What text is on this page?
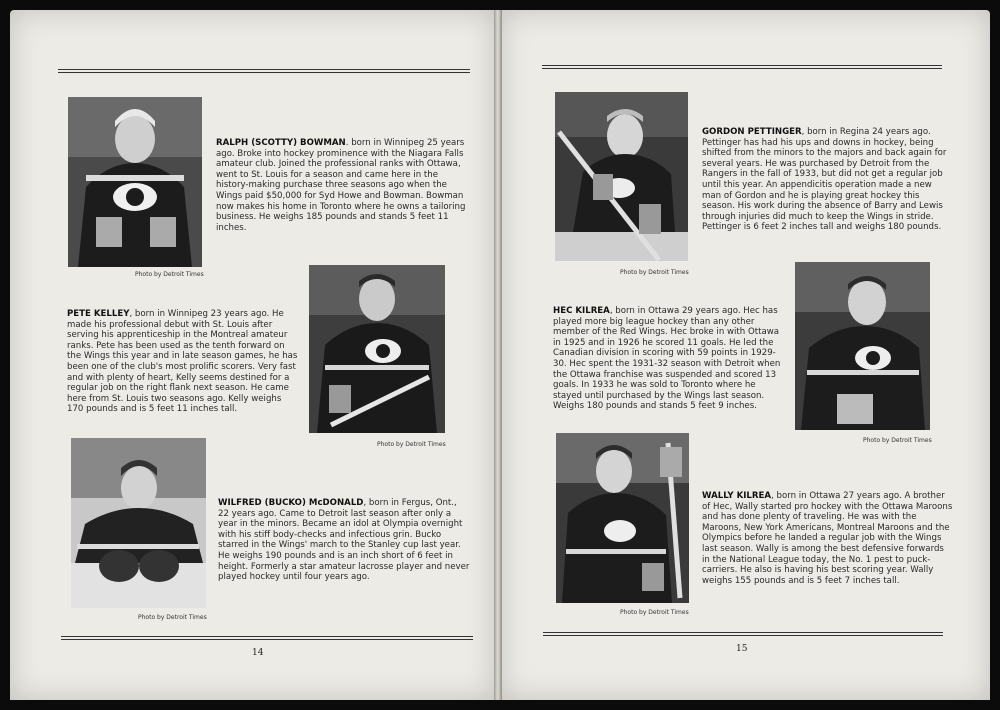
Photo by Detroit Times
RALPH (SCOTTY) BOWMAN. born in Winnipeg 25 years ago. Broke into hockey prominence with the Niagara Falls amateur club. Joined the professional ranks with Ottawa, went to St. Louis for a season and came here in the history-making purchase three seasons ago when the Wings paid $50,000 for Syd Howe and Bowman. Bowman now makes his home in Toronto where he owns a tailoring business. He weighs 185 pounds and stands 5 feet 11 inches.
Photo by Detroit Times
PETE KELLEY, born in Winnipeg 23 years ago. He made his professional debut with St. Louis after serving his apprenticeship in the Montreal amateur ranks. Pete has been used as the tenth forward on the Wings this year and in late season games, he has been one of the club's most prolific scorers. Very fast and with plenty of heart, Kelly seems destined for a regular job on the right flank next season. He came here from St. Louis two seasons ago. Kelly weighs 170 pounds and is 5 feet 11 inches tall.
Photo by Detroit Times
WILFRED (BUCKO) McDONALD, born in Fergus, Ont., 22 years ago. Came to Detroit last season after only a year in the minors. Became an idol at Olympia overnight with his stiff body-checks and infectious grin. Bucko starred in the Wings' march to the Stanley cup last year. He weighs 190 pounds and is an inch short of 6 feet in height. Formerly a star amateur lacrosse player and never played hockey until four years ago.
14
Photo by Detroit Times
GORDON PETTINGER, born in Regina 24 years ago. Pettinger has had his ups and downs in hockey, being shifted from the minors to the majors and back again for several years. He was purchased by Detroit from the Rangers in the fall of 1933, but did not get a regular job until this year. An appendicitis operation made a new man of Gordon and he is playing great hockey this season. His work during the absence of Barry and Lewis through injuries did much to keep the Wings in stride. Pettinger is 6 feet 2 inches tall and weighs 180 pounds.
Photo by Detroit Times
HEC KILREA, born in Ottawa 29 years ago. Hec has played more big league hockey than any other member of the Red Wings. Hec broke in with Ottawa in 1925 and in 1926 he scored 11 goals. He led the Canadian division in scoring with 59 points in 1929-30. Hec spent the 1931-32 season with Detroit when the Ottawa franchise was suspended and scored 13 goals. In 1933 he was sold to Toronto where he stayed until purchased by the Wings last season. Weighs 180 pounds and stands 5 feet 9 inches.
Photo by Detroit Times
WALLY KILREA, born in Ottawa 27 years ago. A brother of Hec, Wally started pro hockey with the Ottawa Maroons and has done plenty of traveling. He was with the Maroons, New York Americans, Montreal Maroons and the Olympics before he landed a regular job with the Wings last season. Wally is among the best defensive forwards in the National League today, the No. 1 pest to puck-carriers. He also is having his best scoring year. Wally weighs 155 pounds and is 5 feet 7 inches tall.
15
